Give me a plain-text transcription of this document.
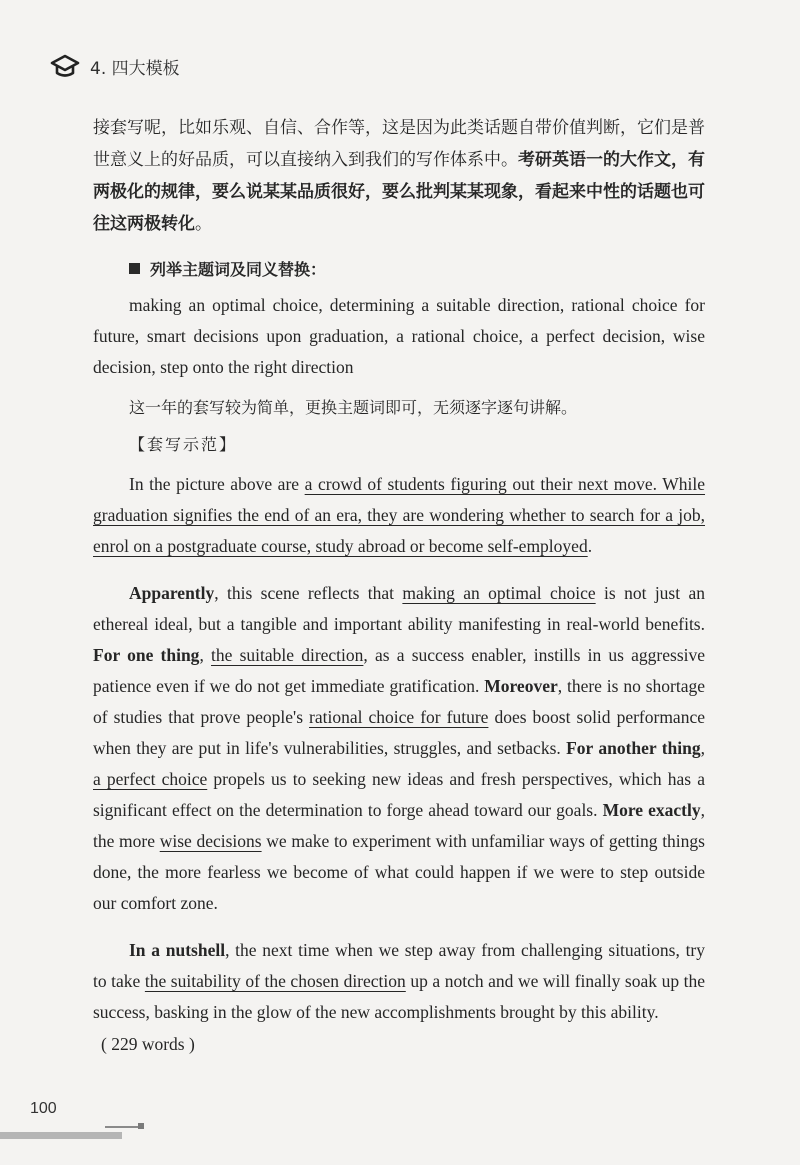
4. 四大模板

接套写呢，比如乐观、自信、合作等，这是因为此类话题自带价值判断，它们是普世意义上的好品质，可以直接纳入到我们的写作体系中。考研英语一的大作文，有两极化的规律，要么说某某品质很好，要么批判某某现象，看起来中性的话题也可往这两极转化。

列举主题词及同义替换：

making an optimal choice, determining a suitable direction, rational choice for future, smart decisions upon graduation, a rational choice, a perfect decision, wise decision, step onto the right direction

这一年的套写较为简单，更换主题词即可，无须逐字逐句讲解。

【套写示范】

In the picture above are a crowd of students figuring out their next move. While graduation signifies the end of an era, they are wondering whether to search for a job, enrol on a postgraduate course, study abroad or become self-employed.

Apparently, this scene reflects that making an optimal choice is not just an ethereal ideal, but a tangible and important ability manifesting in real-world benefits. For one thing, the suitable direction, as a success enabler, instills in us aggressive patience even if we do not get immediate gratification. Moreover, there is no shortage of studies that prove people's rational choice for future does boost solid performance when they are put in life's vulnerabilities, struggles, and setbacks. For another thing, a perfect choice propels us to seeking new ideas and fresh perspectives, which has a significant effect on the determination to forge ahead toward our goals. More exactly, the more wise decisions we make to experiment with unfamiliar ways of getting things done, the more fearless we become of what could happen if we were to step outside our comfort zone.

In a nutshell, the next time when we step away from challenging situations, try to take the suitability of the chosen direction up a notch and we will finally soak up the success, basking in the glow of the new accomplishments brought by this ability.

( 229 words )

100
